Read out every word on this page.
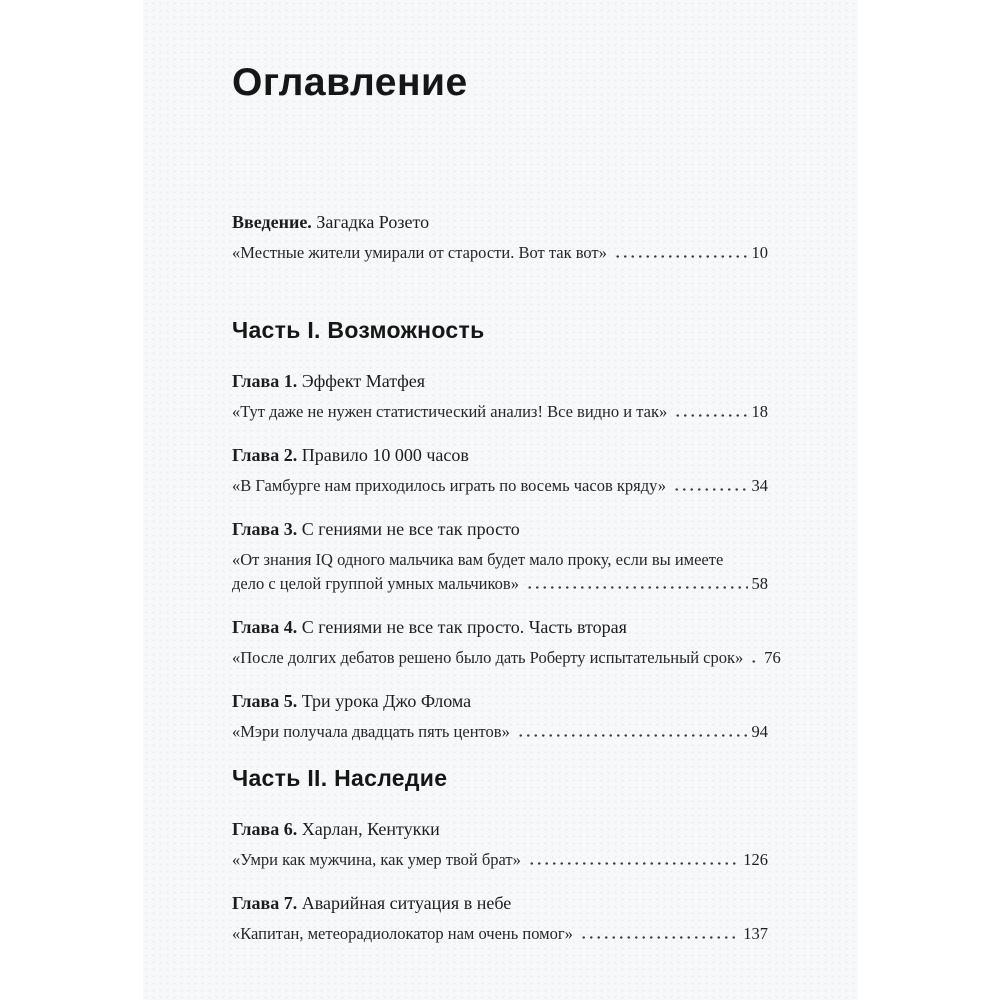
Оглавление
Введение. Загадка Розето
«Местные жители умирали от старости. Вот так вот»	10
Часть I. Возможность
Глава 1. Эффект Матфея
«Тут даже не нужен статистический анализ! Все видно и так»	18
Глава 2. Правило 10 000 часов
«В Гамбурге нам приходилось играть по восемь часов кряду»	34
Глава 3. С гениями не все так просто
«От знания IQ одного мальчика вам будет мало проку, если вы имеете
дело с целой группой умных мальчиков»	58
Глава 4. С гениями не все так просто. Часть вторая
«После долгих дебатов решено было дать Роберту испытательный срок» 76
Глава 5. Три урока Джо Флома
«Мэри получала двадцать пять центов»	94
Часть II. Наследие
Глава 6. Харлан, Кентукки
«Умри как мужчина, как умер твой брат»	126
Глава 7. Аварийная ситуация в небе
«Капитан, метеорадиолокатор нам очень помог»	137
